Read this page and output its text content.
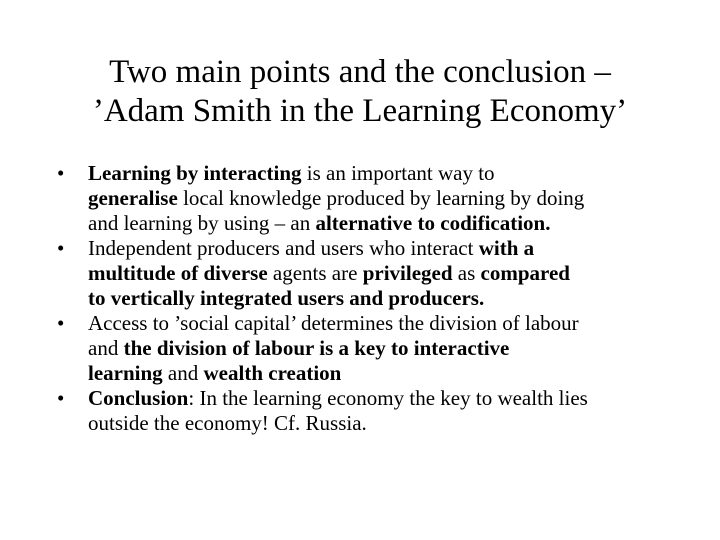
Two main points and the conclusion –
’Adam Smith in the Learning Economy’
• Learning by interacting is an important way to
generalise local knowledge produced by learning by doing
and learning by using – an alternative to codification.
• Independent producers and users who interact with a
multitude of diverse agents are privileged as compared
to vertically integrated users and producers.
• Access to ’social capital’ determines the division of labour
and the division of labour is a key to interactive
learning and wealth creation
• Conclusion: In the learning economy the key to wealth lies
outside the economy! Cf. Russia.
